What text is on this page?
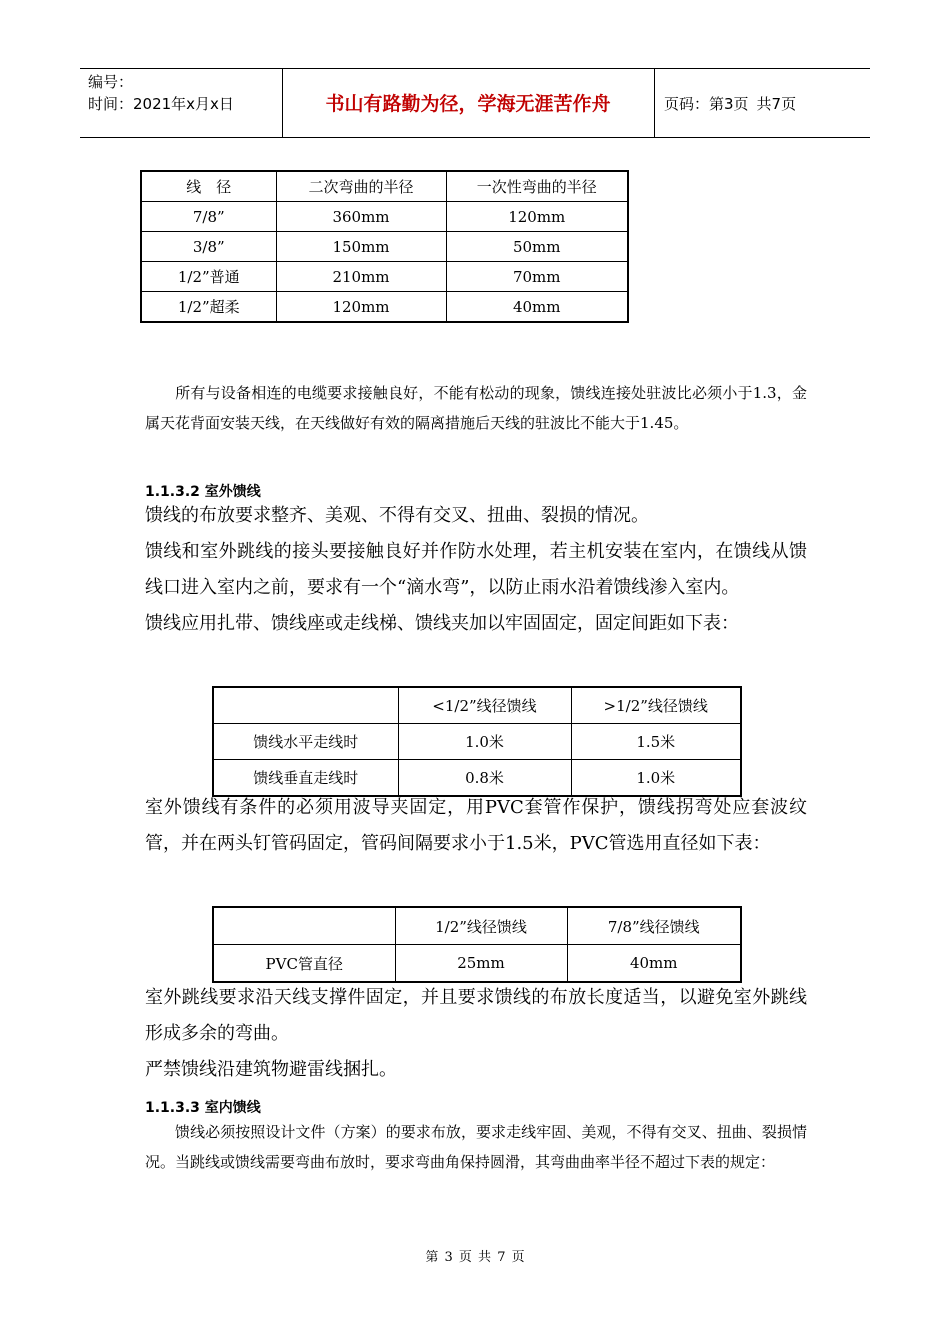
编号：
时间：2021年x月x日	书山有路勤为径，学海无涯苦作舟	页码：第3页 共7页
线　径	二次弯曲的半径	一次性弯曲的半径
7/8”	360mm	120mm
3/8”	150mm	50mm
1/2”普通	210mm	70mm
1/2”超柔	120mm	40mm
所有与设备相连的电缆要求接触良好，不能有松动的现象，馈线连接处驻波比必须小于1.3，金属天花背面安装天线，在天线做好有效的隔离措施后天线的驻波比不能大于1.45。
1.1.3.2 室外馈线
馈线的布放要求整齐、美观、不得有交叉、扭曲、裂损的情况。
馈线和室外跳线的接头要接触良好并作防水处理，若主机安装在室内，在馈线从馈线口进入室内之前，要求有一个“滴水弯”，以防止雨水沿着馈线渗入室内。
馈线应用扎带、馈线座或走线梯、馈线夹加以牢固固定，固定间距如下表：
	<1/2”线径馈线	>1/2”线径馈线
馈线水平走线时	1.0米	1.5米
馈线垂直走线时	0.8米	1.0米
室外馈线有条件的必须用波导夹固定，用PVC套管作保护，馈线拐弯处应套波纹管，并在两头钉管码固定，管码间隔要求小于1.5米，PVC管选用直径如下表：
	1/2”线径馈线	7/8”线径馈线
PVC管直径	25mm	40mm
室外跳线要求沿天线支撑件固定，并且要求馈线的布放长度适当，以避免室外跳线形成多余的弯曲。
严禁馈线沿建筑物避雷线捆扎。
1.1.3.3 室内馈线
馈线必须按照设计文件（方案）的要求布放，要求走线牢固、美观，不得有交叉、扭曲、裂损情况。当跳线或馈线需要弯曲布放时，要求弯曲角保持圆滑，其弯曲曲率半径不超过下表的规定：
第 3 页 共 7 页
